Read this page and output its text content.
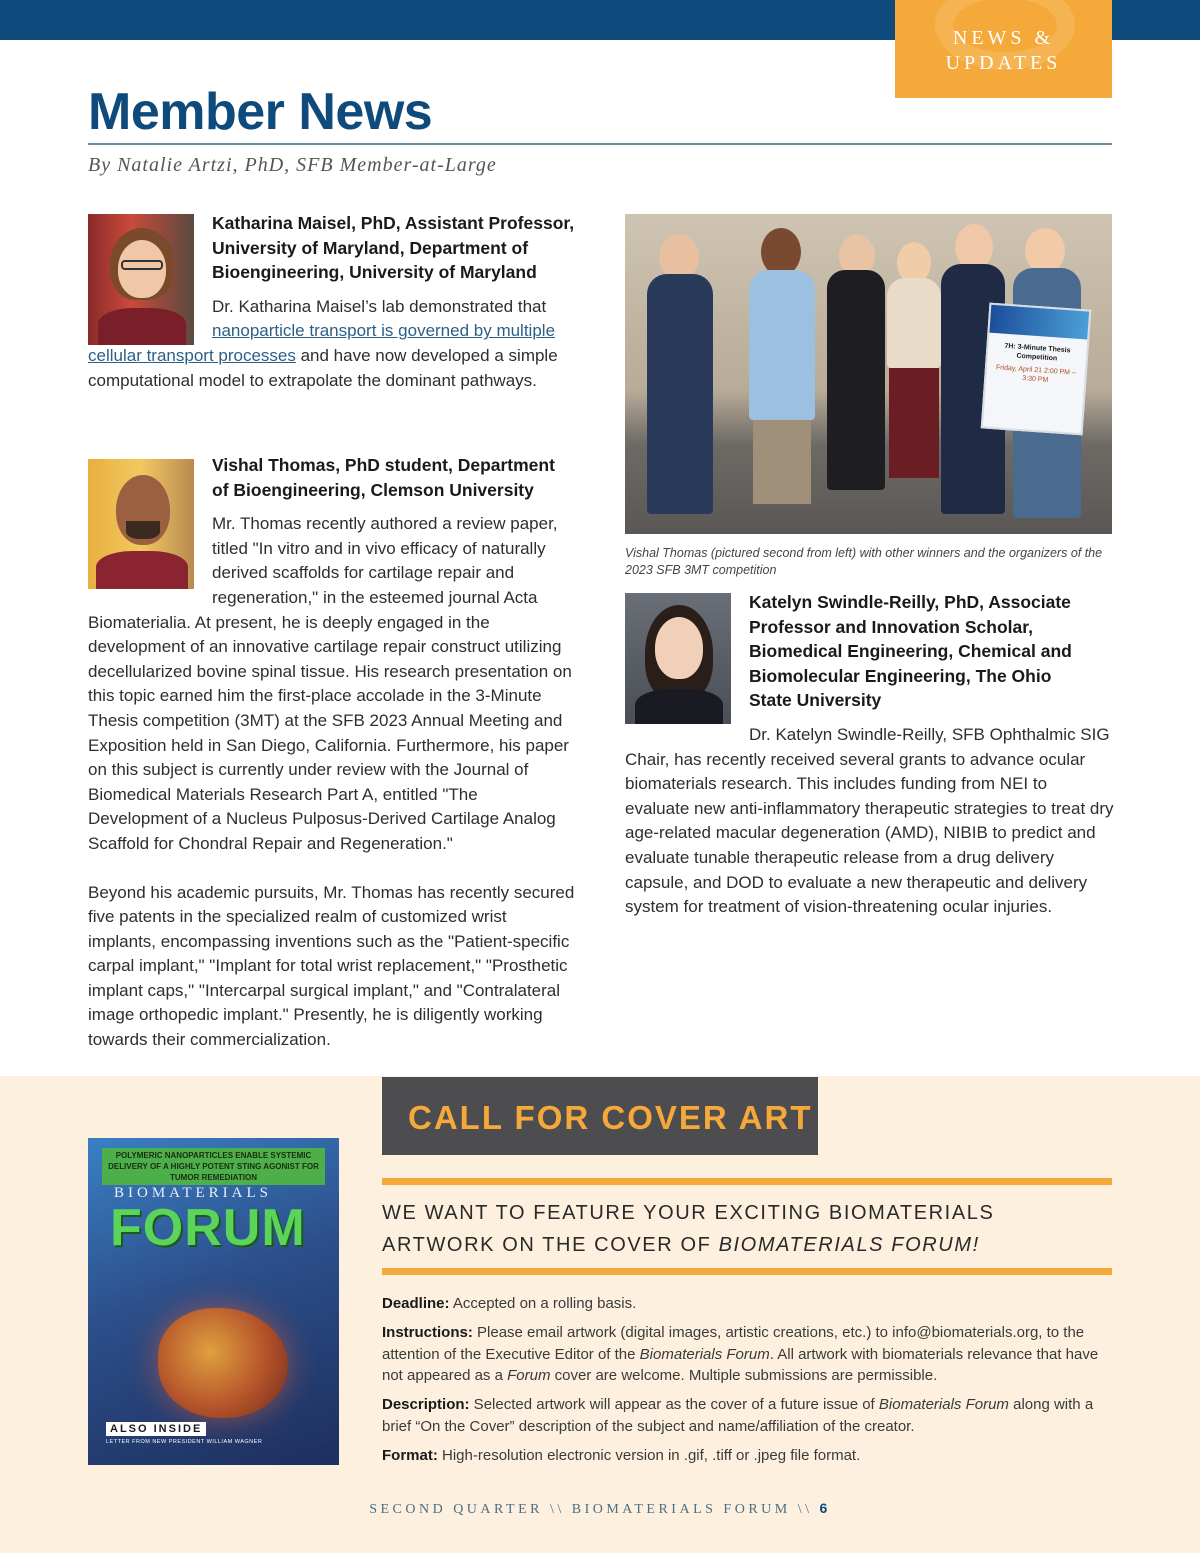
NEWS &
UPDATES
Member News
By Natalie Artzi, PhD, SFB Member-at-Large
Katharina Maisel, PhD, Assistant Professor, University of Maryland, Department of Bioengineering, University of Maryland
Dr. Katharina Maisel’s lab demonstrated that nanoparticle transport is governed by multiple cellular transport processes and have now developed a simple computational model to extrapolate the dominant pathways.
Vishal Thomas, PhD student, Department of Bioengineering, Clemson University

Mr. Thomas recently authored a review paper, titled "In vitro and in vivo efficacy of naturally derived scaffolds for cartilage repair and regeneration," in the esteemed journal Acta Biomaterialia. At present, he is deeply engaged in the development of an innovative cartilage repair construct utilizing decellularized bovine spinal tissue. His research presentation on this topic earned him the first-place accolade in the 3-Minute Thesis competition (3MT) at the SFB 2023 Annual Meeting and Exposition held in San Diego, California. Furthermore, his paper on this subject is currently under review with the Journal of Biomedical Materials Research Part A, entitled "The Development of a Nucleus Pulposus-Derived Cartilage Analog Scaffold for Chondral Repair and Regeneration."

Beyond his academic pursuits, Mr. Thomas has recently secured five patents in the specialized realm of customized wrist implants, encompassing inventions such as the "Patient-specific carpal implant," "Implant for total wrist replacement," "Prosthetic implant caps," "Intercarpal surgical implant," and "Contralateral image orthopedic implant." Presently, he is diligently working towards their commercialization.

7H: 3-Minute Thesis Competition
Friday, April 21 2:00 PM – 3:30 PM
Vishal Thomas (pictured second from left) with other winners and the organizers of the 2023 SFB 3MT competition
Katelyn Swindle-Reilly, PhD, Associate Professor and Innovation Scholar, Biomedical Engineering, Chemical and Biomolecular Engineering, The Ohio State University

Dr. Katelyn Swindle-Reilly, SFB Ophthalmic SIG Chair, has recently received several grants to advance ocular biomaterials research. This includes funding from NEI to evaluate new anti-inflammatory therapeutic strategies to treat dry age-related macular degeneration (AMD), NIBIB to predict and evaluate tunable therapeutic release from a drug delivery capsule, and DOD to evaluate a new therapeutic and delivery system for treatment of vision-threatening ocular injuries.

CALL FOR COVER ART
WE WANT TO FEATURE YOUR EXCITING BIOMATERIALS
ARTWORK ON THE COVER OF BIOMATERIALS FORUM!

Deadline: Accepted on a rolling basis.

Instructions: Please email artwork (digital images, artistic creations, etc.) to info@biomaterials.org, to the attention of the Executive Editor of the Biomaterials Forum. All artwork with biomaterials relevance that have not appeared as a Forum cover are welcome. Multiple submissions are permissible.

Description: Selected artwork will appear as the cover of a future issue of Biomaterials Forum along with a brief “On the Cover” description of the subject and name/affiliation of the creator.

Format: High-resolution electronic version in .gif, .tiff or .jpeg file format.

POLYMERIC NANOPARTICLES ENABLE SYSTEMIC DELIVERY OF A HIGHLY POTENT STING AGONIST FOR TUMOR REMEDIATION
BIOMATERIALS
FORUM
ALSO INSIDE
LETTER FROM NEW PRESIDENT WILLIAM WAGNER
SECOND QUARTER \\ BIOMATERIALS FORUM \\ 6
